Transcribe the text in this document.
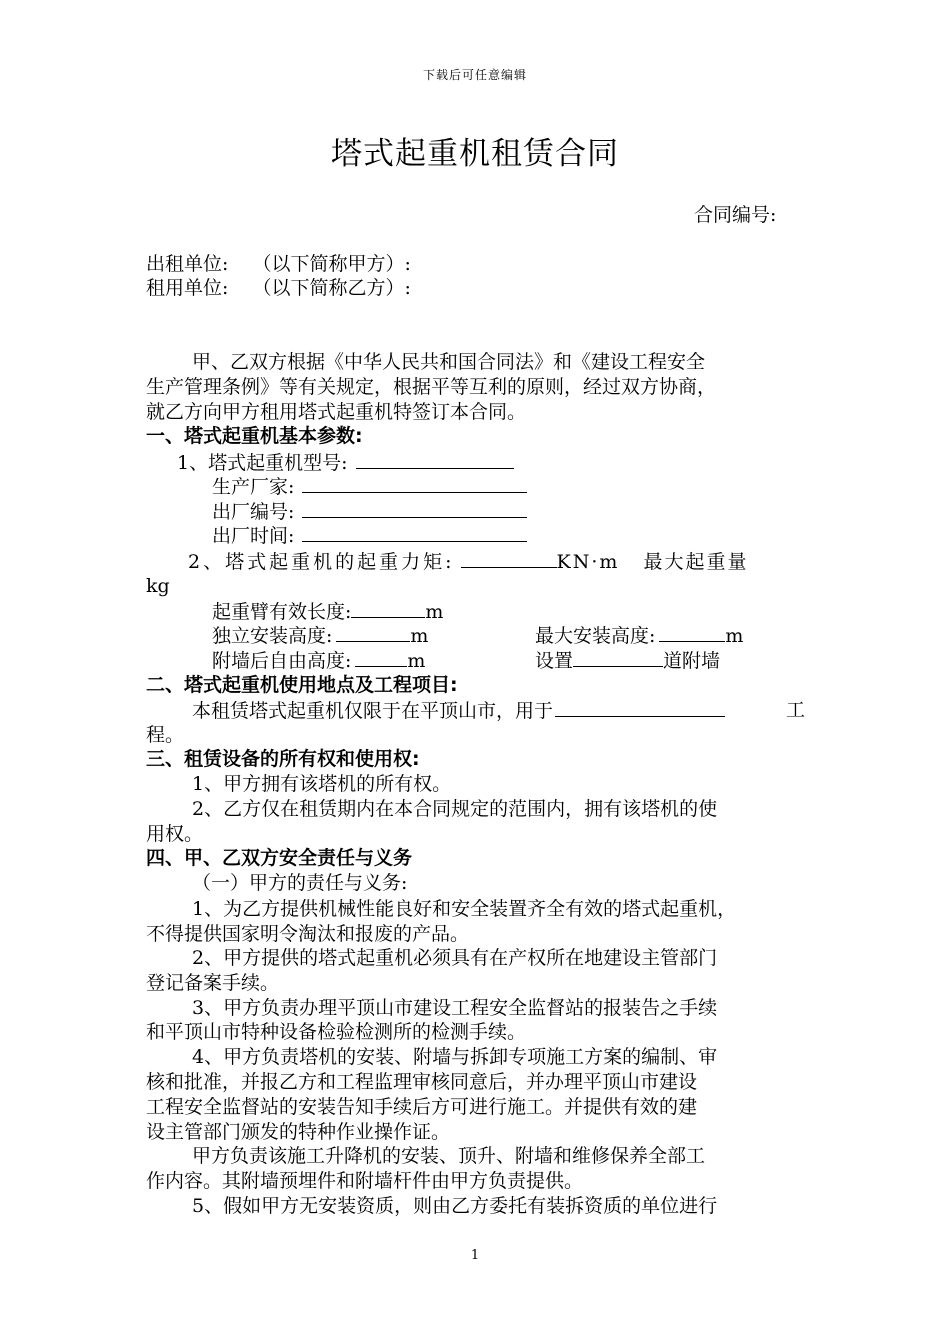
下载后可任意编辑
塔式起重机租赁合同
合同编号:
出租单位:    （以下简称甲方）:
租用单位:    （以下简称乙方）:
甲、乙双方根据《中华人民共和国合同法》和《建设工程安全
生产管理条例》等有关规定，根据平等互利的原则，经过双方协商，
就乙方向甲方租用塔式起重机特签订本合同。
一、塔式起重机基本参数:
1、塔式起重机型号:
生产厂家:
出厂编号:
出厂时间:
2、塔式起重机的起重力矩:	KN·m   最大起重量
kg
起重臂有效长度:	m
独立安装高度:	m	最大安装高度:	m
附墙后自由高度:	m	设置	道附墙
二、塔式起重机使用地点及工程项目:
本租赁塔式起重机仅限于在平顶山市，用于	工
程。
三、租赁设备的所有权和使用权:
1、甲方拥有该塔机的所有权。
2、乙方仅在租赁期内在本合同规定的范围内，拥有该塔机的使
用权。
四、甲、乙双方安全责任与义务
（一）甲方的责任与义务:
1、为乙方提供机械性能良好和安全装置齐全有效的塔式起重机，
不得提供国家明令淘汰和报废的产品。
2、甲方提供的塔式起重机必须具有在产权所在地建设主管部门
登记备案手续。
3、甲方负责办理平顶山市建设工程安全监督站的报装告之手续
和平顶山市特种设备检验检测所的检测手续。
4、甲方负责塔机的安装、附墙与拆卸专项施工方案的编制、审
核和批准，并报乙方和工程监理审核同意后，并办理平顶山市建设
工程安全监督站的安装告知手续后方可进行施工。并提供有效的建
设主管部门颁发的特种作业操作证。
甲方负责该施工升降机的安装、顶升、附墙和维修保养全部工
作内容。其附墙预埋件和附墙杆件由甲方负责提供。
5、假如甲方无安装资质，则由乙方委托有装拆资质的单位进行
1
